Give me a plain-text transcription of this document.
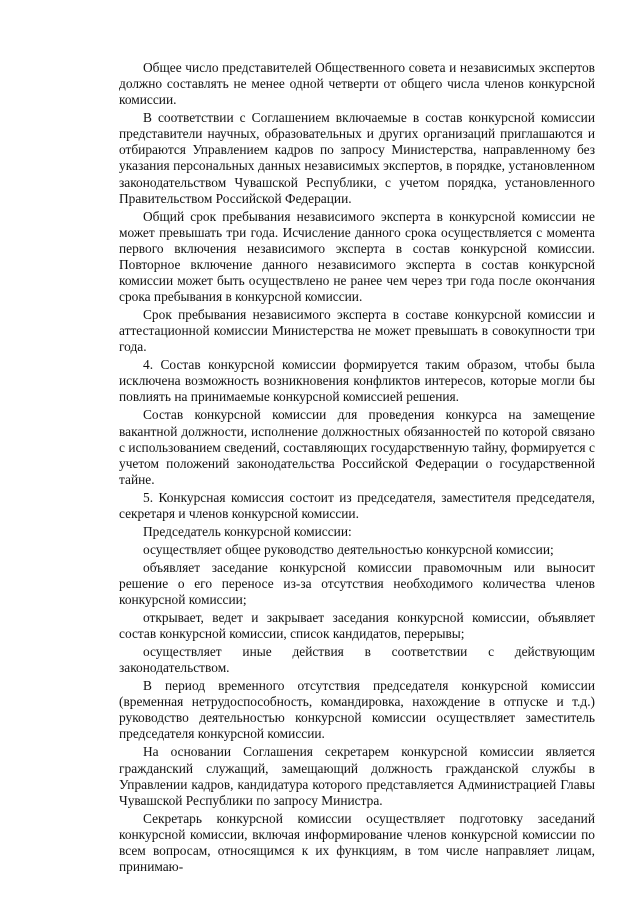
Общее число представителей Общественного совета и независимых экспертов должно составлять не менее одной четверти от общего числа членов конкурсной комиссии.

В соответствии с Соглашением включаемые в состав конкурсной комиссии представители научных, образовательных и других организаций приглашаются и отбираются Управлением кадров по запросу Министерства, направленному без указания персональных данных независимых экспертов, в порядке, установленном законодательством Чувашской Республики, с учетом порядка, установленного Правительством Российской Федерации.

Общий срок пребывания независимого эксперта в конкурсной комиссии не может превышать три года. Исчисление данного срока осуществляется с момента первого включения независимого эксперта в состав конкурсной комиссии. Повторное включение данного независимого эксперта в состав конкурсной комиссии может быть осуществлено не ранее чем через три года после окончания срока пребывания в конкурсной комиссии.

Срок пребывания независимого эксперта в составе конкурсной комиссии и аттестационной комиссии Министерства не может превышать в совокупности три года.

4. Состав конкурсной комиссии формируется таким образом, чтобы была исключена возможность возникновения конфликтов интересов, которые могли бы повлиять на принимаемые конкурсной комиссией решения.

Состав конкурсной комиссии для проведения конкурса на замещение вакантной должности, исполнение должностных обязанностей по которой связано с использованием сведений, составляющих государственную тайну, формируется с учетом положений законодательства Российской Федерации о государственной тайне.

5. Конкурсная комиссия состоит из председателя, заместителя председателя, секретаря и членов конкурсной комиссии.

Председатель конкурсной комиссии:

осуществляет общее руководство деятельностью конкурсной комиссии;

объявляет заседание конкурсной комиссии правомочным или выносит решение о его переносе из-за отсутствия необходимого количества членов конкурсной комиссии;

открывает, ведет и закрывает заседания конкурсной комиссии, объявляет состав конкурсной комиссии, список кандидатов, перерывы;

осуществляет иные действия в соответствии с действующим законодательством.

В период временного отсутствия председателя конкурсной комиссии (временная нетрудоспособность, командировка, нахождение в отпуске и т.д.) руководство деятельностью конкурсной комиссии осуществляет заместитель председателя конкурсной комиссии.

На основании Соглашения секретарем конкурсной комиссии является гражданский служащий, замещающий должность гражданской службы в Управлении кадров, кандидатура которого представляется Администрацией Главы Чувашской Республики по запросу Министра.

Секретарь конкурсной комиссии осуществляет подготовку заседаний конкурсной комиссии, включая информирование членов конкурсной комиссии по всем вопросам, относящимся к их функциям, в том числе направляет лицам, принимаю-
